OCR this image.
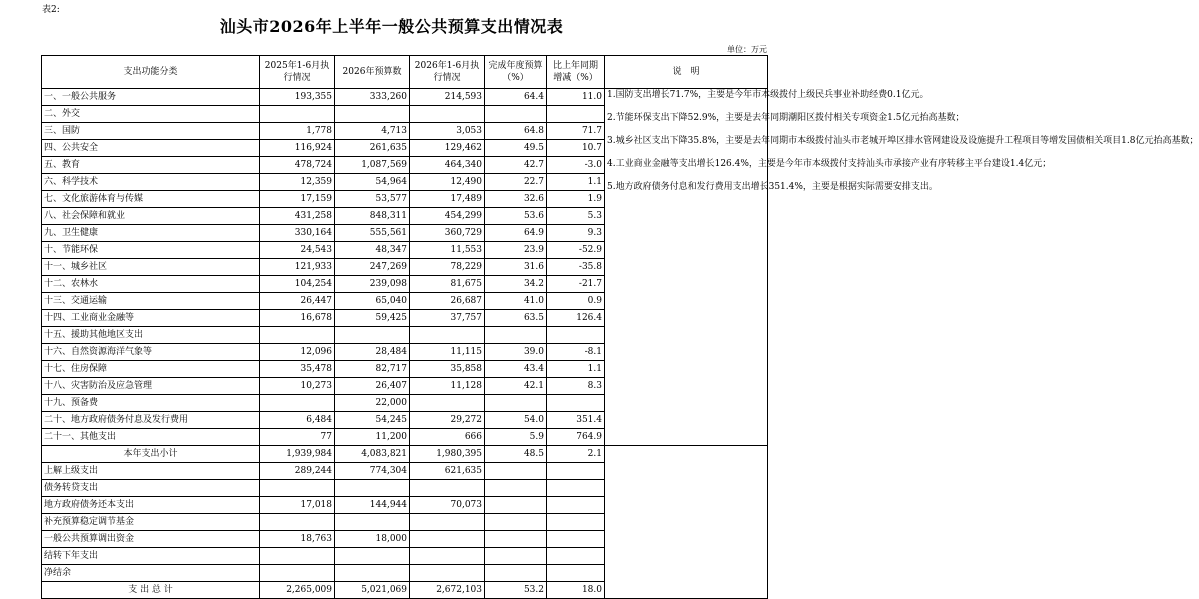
表2:
汕头市2026年上半年一般公共预算支出情况表
单位：万元
支出功能分类	2025年1-6月执行情况	2026年预算数	2026年1-6月执行情况	完成年度预算（%）	比上年同期增减（%）	说　明
一、一般公共服务	193,355	333,260	214,593	64.4	11.0	1.国防支出增长71.7%，主要是今年市本级拨付上级民兵事业补助经费0.1亿元。
2.节能环保支出下降52.9%，主要是去年同期潮阳区拨付相关专项资金1.5亿元抬高基数；
3.城乡社区支出下降35.8%，主要是去年同期市本级拨付汕头市老城开埠区排水管网建设及设施提升工程项目等增发国债相关项目1.8亿元抬高基数；
4.工业商业金融等支出增长126.4%，主要是今年市本级拨付支持汕头市承接产业有序转移主平台建设1.4亿元；
5.地方政府债务付息和发行费用支出增长351.4%，主要是根据实际需要安排支出。

二、外交						
三、国防	1,778	4,713	3,053	64.8	71.7	
四、公共安全	116,924	261,635	129,462	49.5	10.7	
五、教育	478,724	1,087,569	464,340	42.7	-3.0	
六、科学技术	12,359	54,964	12,490	22.7	1.1	
七、文化旅游体育与传媒	17,159	53,577	17,489	32.6	1.9	
八、社会保障和就业	431,258	848,311	454,299	53.6	5.3	
九、卫生健康	330,164	555,561	360,729	64.9	9.3	
十、节能环保	24,543	48,347	11,553	23.9	-52.9	
十一、城乡社区	121,933	247,269	78,229	31.6	-35.8	
十二、农林水	104,254	239,098	81,675	34.2	-21.7	
十三、交通运输	26,447	65,040	26,687	41.0	0.9	
十四、工业商业金融等	16,678	59,425	37,757	63.5	126.4	
十五、援助其他地区支出						
十六、自然资源海洋气象等	12,096	28,484	11,115	39.0	-8.1	
十七、住房保障	35,478	82,717	35,858	43.4	1.1	
十八、灾害防治及应急管理	10,273	26,407	11,128	42.1	8.3	
十九、预备费		22,000				
二十、地方政府债务付息及发行费用	6,484	54,245	29,272	54.0	351.4	
二十一、其他支出	77	11,200	666	5.9	764.9	
本年支出小计	1,939,984	4,083,821	1,980,395	48.5	2.1	
上解上级支出	289,244	774,304	621,635			
债务转贷支出						
地方政府债务还本支出	17,018	144,944	70,073			
补充预算稳定调节基金						
一般公共预算调出资金	18,763	18,000				
结转下年支出						
净结余						
支 出 总 计	2,265,009	5,021,069	2,672,103	53.2	18.0	
